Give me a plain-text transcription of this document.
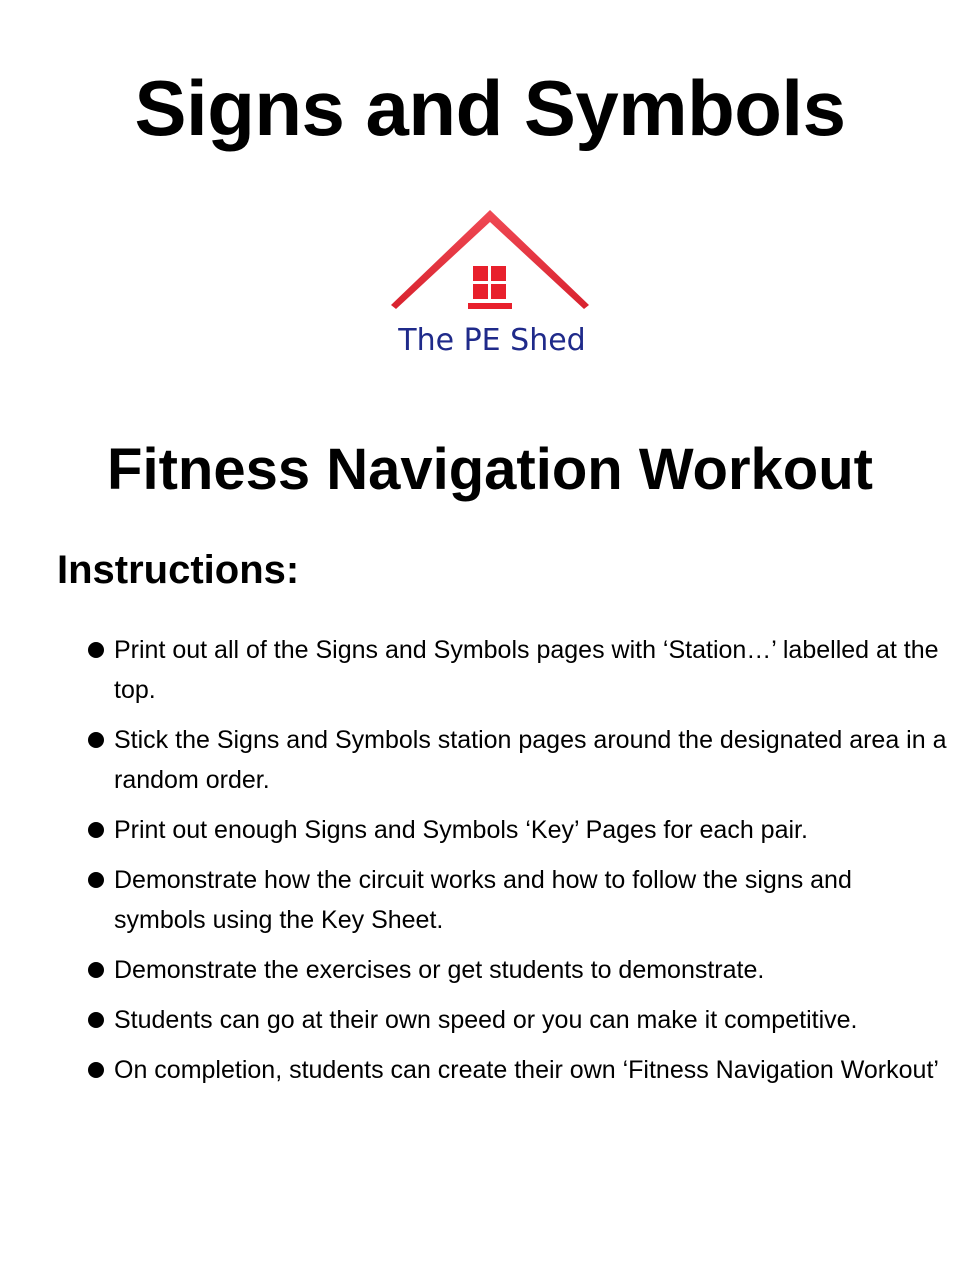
Signs and Symbols
The PE Shed
Fitness Navigation Workout
Instructions:
Print out all of the Signs and Symbols pages with ‘Station…’ labelled at the top.
Stick the Signs and Symbols station pages around the designated area in a random order.
Print out enough Signs and Symbols ‘Key’ Pages for each pair.
Demonstrate how the circuit works and how to follow the signs and symbols using the Key Sheet.
Demonstrate the exercises or get students to demonstrate.
Students can go at their own speed or you can make it competitive.
On completion, students can create their own ‘Fitness Navigation Workout’
